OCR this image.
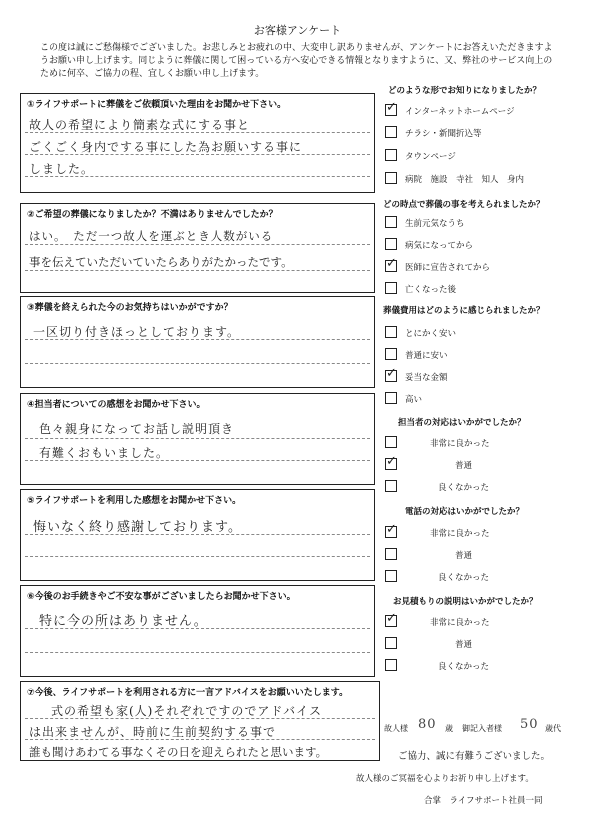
お客様アンケート
この度は誠にご愁傷様でございました。お悲しみとお疲れの中、大変申し訳ありませんが、アンケートにお答えいただきますようお願い申し上げます。同じように葬儀に関して困っている方へ安心できる情報となりますように、又、弊社のサービス向上のために何卒、ご協力の程、宜しくお願い申し上げます。
①ライフサポートに葬儀をご依頼頂いた理由をお聞かせ下さい。
故人の希望により簡素な式にする事と
ごくごく身内でする事にした為お願いする事に
しました。
②ご希望の葬儀になりましたか？不満はありませんでしたか？
はい。　ただ一つ故人を運ぶとき人数がいる
事を伝えていただいていたらありがたかったです。
③葬儀を終えられた今のお気持ちはいかがですか？
一区切り付きほっとしております。
④担当者についての感想をお聞かせ下さい。
色々親身になってお話し説明頂き
有難くおもいました。
⑤ライフサポートを利用した感想をお聞かせ下さい。
悔いなく終り感謝しております。
⑥今後のお手続きやご不安な事がございましたらお聞かせ下さい。
特に今の所はありません。
⑦今後、ライフサポートを利用される方に一言アドバイスをお願いいたします。
式の希望も家(人)それぞれですのでアドバイス
は出来ませんが、時前に生前契約する事で
誰も聞けあわてる事なくその日を迎えられたと思います。
どのような形でお知りになりましたか？
✓ インターネットホームページ
チラシ・新聞折込等
タウンページ
病院　施設　寺社　知人　身内
どの時点で葬儀の事を考えられましたか？
生前元気なうち
病気になってから
✓ 医師に宣告されてから
亡くなった後
葬儀費用はどのように感じられましたか？
とにかく安い
普通に安い
✓ 妥当な金額
高い
担当者の対応はいかがでしたか？
非常に良かった
✓	普通
良くなかった
電話の対応はいかがでしたか？
✓	非常に良かった
普通
良くなかった
お見積もりの説明はいかがでしたか？
✓	非常に良かった
普通
良くなかった
故人様 80 歳 御記入者様 50 歳代
ご協力、誠に有難うございました。
故人様のご冥福を心よりお祈り申し上げます。
合掌　ライフサポート社員一同
